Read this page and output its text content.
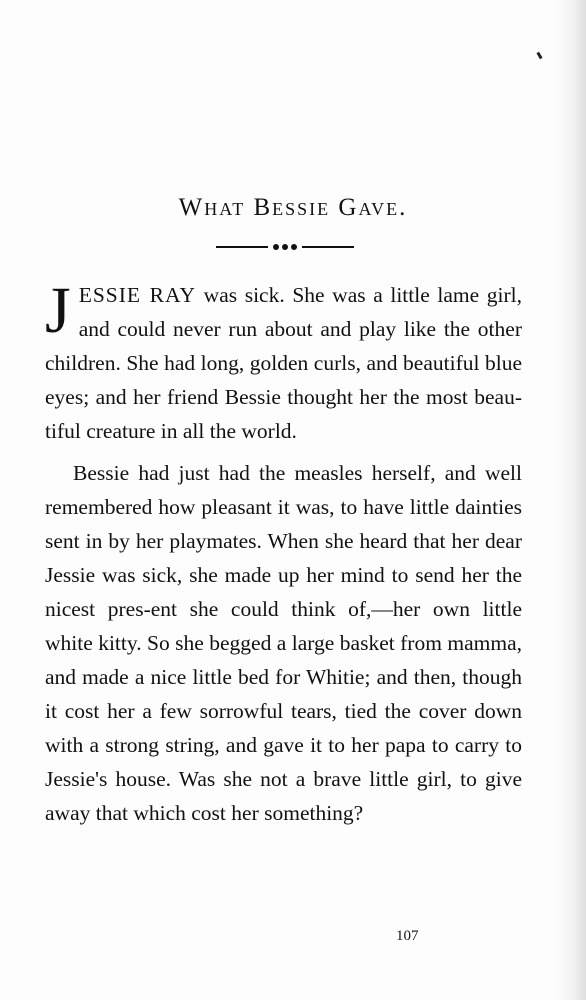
What Bessie Gave.

JESSIE RAY was sick. She was a little lame girl, and could never run about and play like the other children. She had long, golden curls, and beautiful blue eyes; and her friend Bessie thought her the most beau-tiful creature in all the world.

Bessie had just had the measles herself, and well remembered how pleasant it was, to have little dainties sent in by her playmates. When she heard that her dear Jessie was sick, she made up her mind to send her the nicest pres-ent she could think of,—her own little white kitty. So she begged a large basket from mamma, and made a nice little bed for Whitie; and then, though it cost her a few sorrowful tears, tied the cover down with a strong string, and gave it to her papa to carry to Jessie's house. Was she not a brave little girl, to give away that which cost her something?

107
